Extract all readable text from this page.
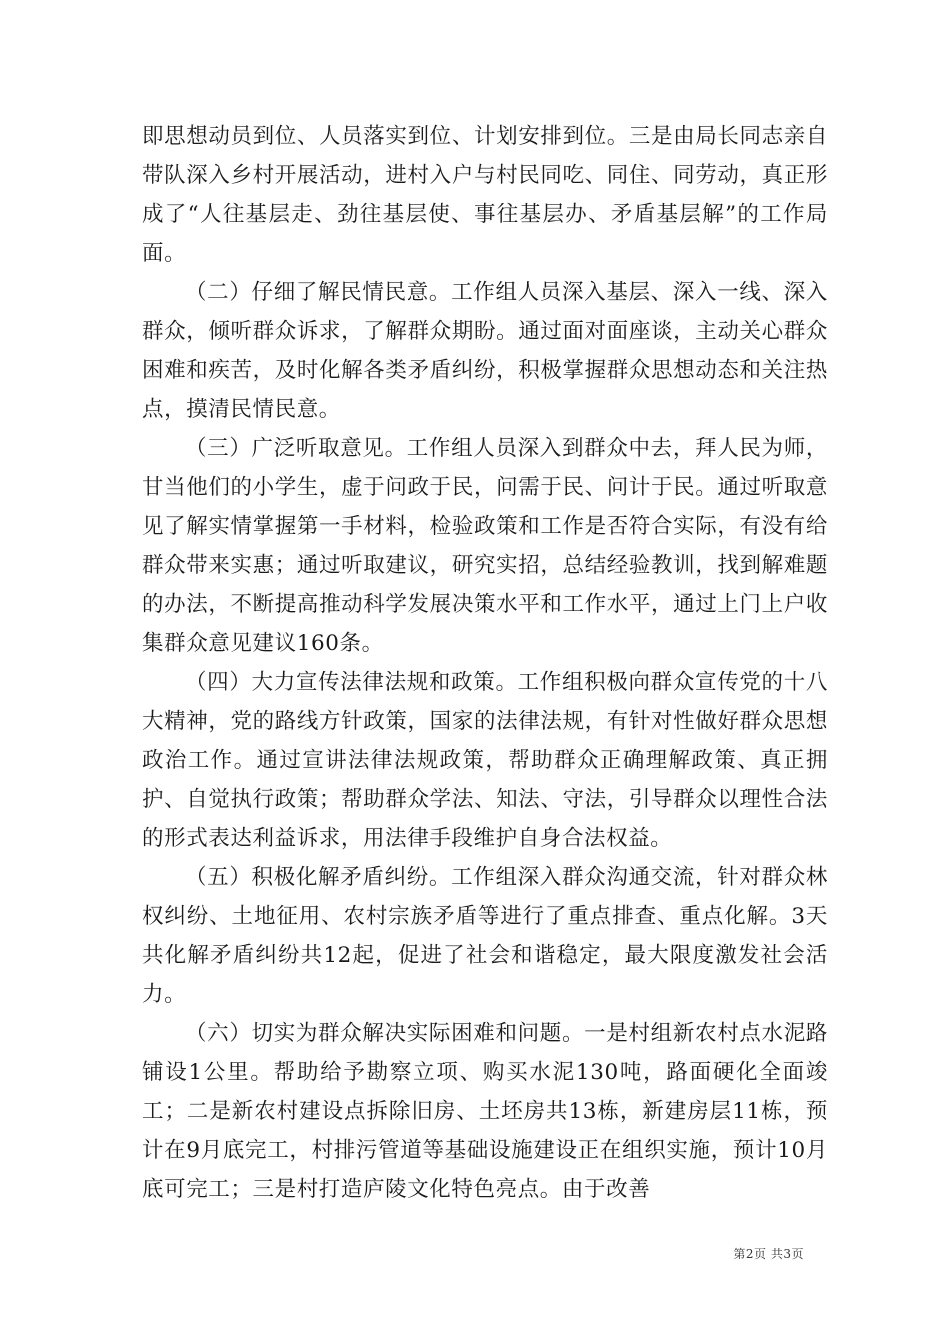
即思想动员到位、人员落实到位、计划安排到位。三是由局长同志亲自带队深入乡村开展活动，进村入户与村民同吃、同住、同劳动，真正形成了“人往基层走、劲往基层使、事往基层办、矛盾基层解”的工作局面。

（二）仔细了解民情民意。工作组人员深入基层、深入一线、深入群众，倾听群众诉求，了解群众期盼。通过面对面座谈，主动关心群众困难和疾苦，及时化解各类矛盾纠纷，积极掌握群众思想动态和关注热点，摸清民情民意。

（三）广泛听取意见。工作组人员深入到群众中去，拜人民为师，甘当他们的小学生，虚于问政于民，问需于民、问计于民。通过听取意见了解实情掌握第一手材料，检验政策和工作是否符合实际，有没有给群众带来实惠；通过听取建议，研究实招，总结经验教训，找到解难题的办法，不断提高推动科学发展决策水平和工作水平，通过上门上户收集群众意见建议160条。

（四）大力宣传法律法规和政策。工作组积极向群众宣传党的十八大精神，党的路线方针政策，国家的法律法规，有针对性做好群众思想政治工作。通过宣讲法律法规政策，帮助群众正确理解政策、真正拥护、自觉执行政策；帮助群众学法、知法、守法，引导群众以理性合法的形式表达利益诉求，用法律手段维护自身合法权益。

（五）积极化解矛盾纠纷。工作组深入群众沟通交流，针对群众林权纠纷、土地征用、农村宗族矛盾等进行了重点排查、重点化解。3天共化解矛盾纠纷共12起，促进了社会和谐稳定，最大限度激发社会活力。

（六）切实为群众解决实际困难和问题。一是村组新农村点水泥路铺设1公里。帮助给予勘察立项、购买水泥130吨，路面硬化全面竣工；二是新农村建设点拆除旧房、土坯房共13栋，新建房层11栋，预计在9月底完工，村排污管道等基础设施建设正在组织实施，预计10月底可完工；三是村打造庐陵文化特色亮点。由于改善

第2页 共3页
